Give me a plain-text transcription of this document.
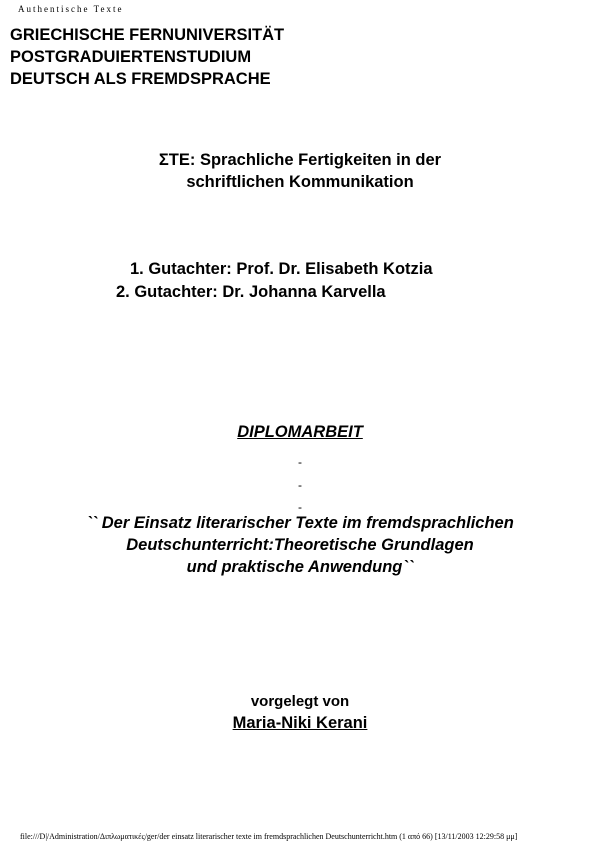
Authentische Texte
GRIECHISCHE FERNUNIVERSITÄT
POSTGRADUIERTENSTUDIUM
DEUTSCH ALS FREMDSPRACHE
ΣΤΕ: Sprachliche Fertigkeiten in der
schriftlichen Kommunikation
1. Gutachter: Prof. Dr. Elisabeth Kotzia
2. Gutachter: Dr. Johanna Karvella
DIPLOMARBEIT
-
-
-
`` Der Einsatz literarischer Texte im fremdsprachlichen
Deutschunterricht:Theoretische Grundlagen
und praktische Anwendung``
vorgelegt von
Maria-Niki Kerani
file:///D|/Administration/Διπλωματικές/ger/der einsatz literarischer texte im fremdsprachlichen Deutschunterricht.htm (1 από 66) [13/11/2003 12:29:58 μμ]
